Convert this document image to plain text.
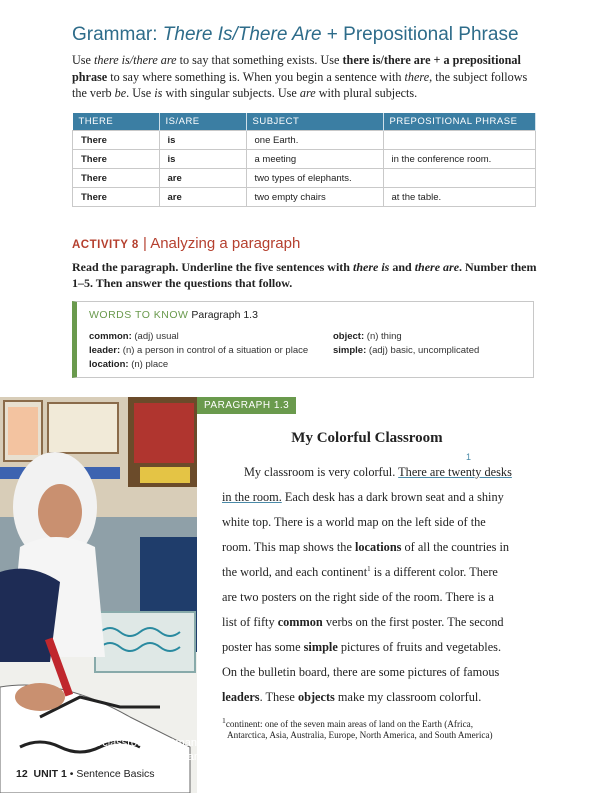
Grammar: There Is/There Are + Prepositional Phrase
Use there is/there are to say that something exists. Use there is/there are + a prepositional phrase to say where something is. When you begin a sentence with there, the subject follows the verb be. Use is with singular subjects. Use are with plural subjects.
THERE	IS/ARE	SUBJECT	PREPOSITIONAL PHRASE
There	is	one Earth.	
There	is	a meeting	in the conference room.
There	are	two types of elephants.	
There	are	two empty chairs	at the table.
ACTIVITY 8 | Analyzing a paragraph
Read the paragraph. Underline the five sentences with there is and there are. Number them 1–5. Then answer the questions that follow.
WORDS TO KNOW Paragraph 1.3
common: (adj) usual
leader: (n) a person in control of a situation or place
location: (n) place
object: (n) thing
simple: (adj) basic, uncomplicated
A classroom in Oman, Jordan
12 UNIT 1 • Sentence Basics
PARAGRAPH 1.3
My Colorful Classroom
1

My classroom is very colorful. There are twenty desks in the room. Each desk has a dark brown seat and a shiny white top. There is a world map on the left side of the room. This map shows the locations of all the countries in the world, and each continent$^1$ is a different color. There are two posters on the right side of the room. There is a list of fifty common verbs on the first poster. The second poster has some simple pictures of fruits and vegetables. On the bulletin board, there are some pictures of famous leaders. These objects make my classroom colorful.

$^1$continent: one of the seven main areas of land on the Earth (Africa,
Antarctica, Asia, Australia, Europe, North America, and South America)
